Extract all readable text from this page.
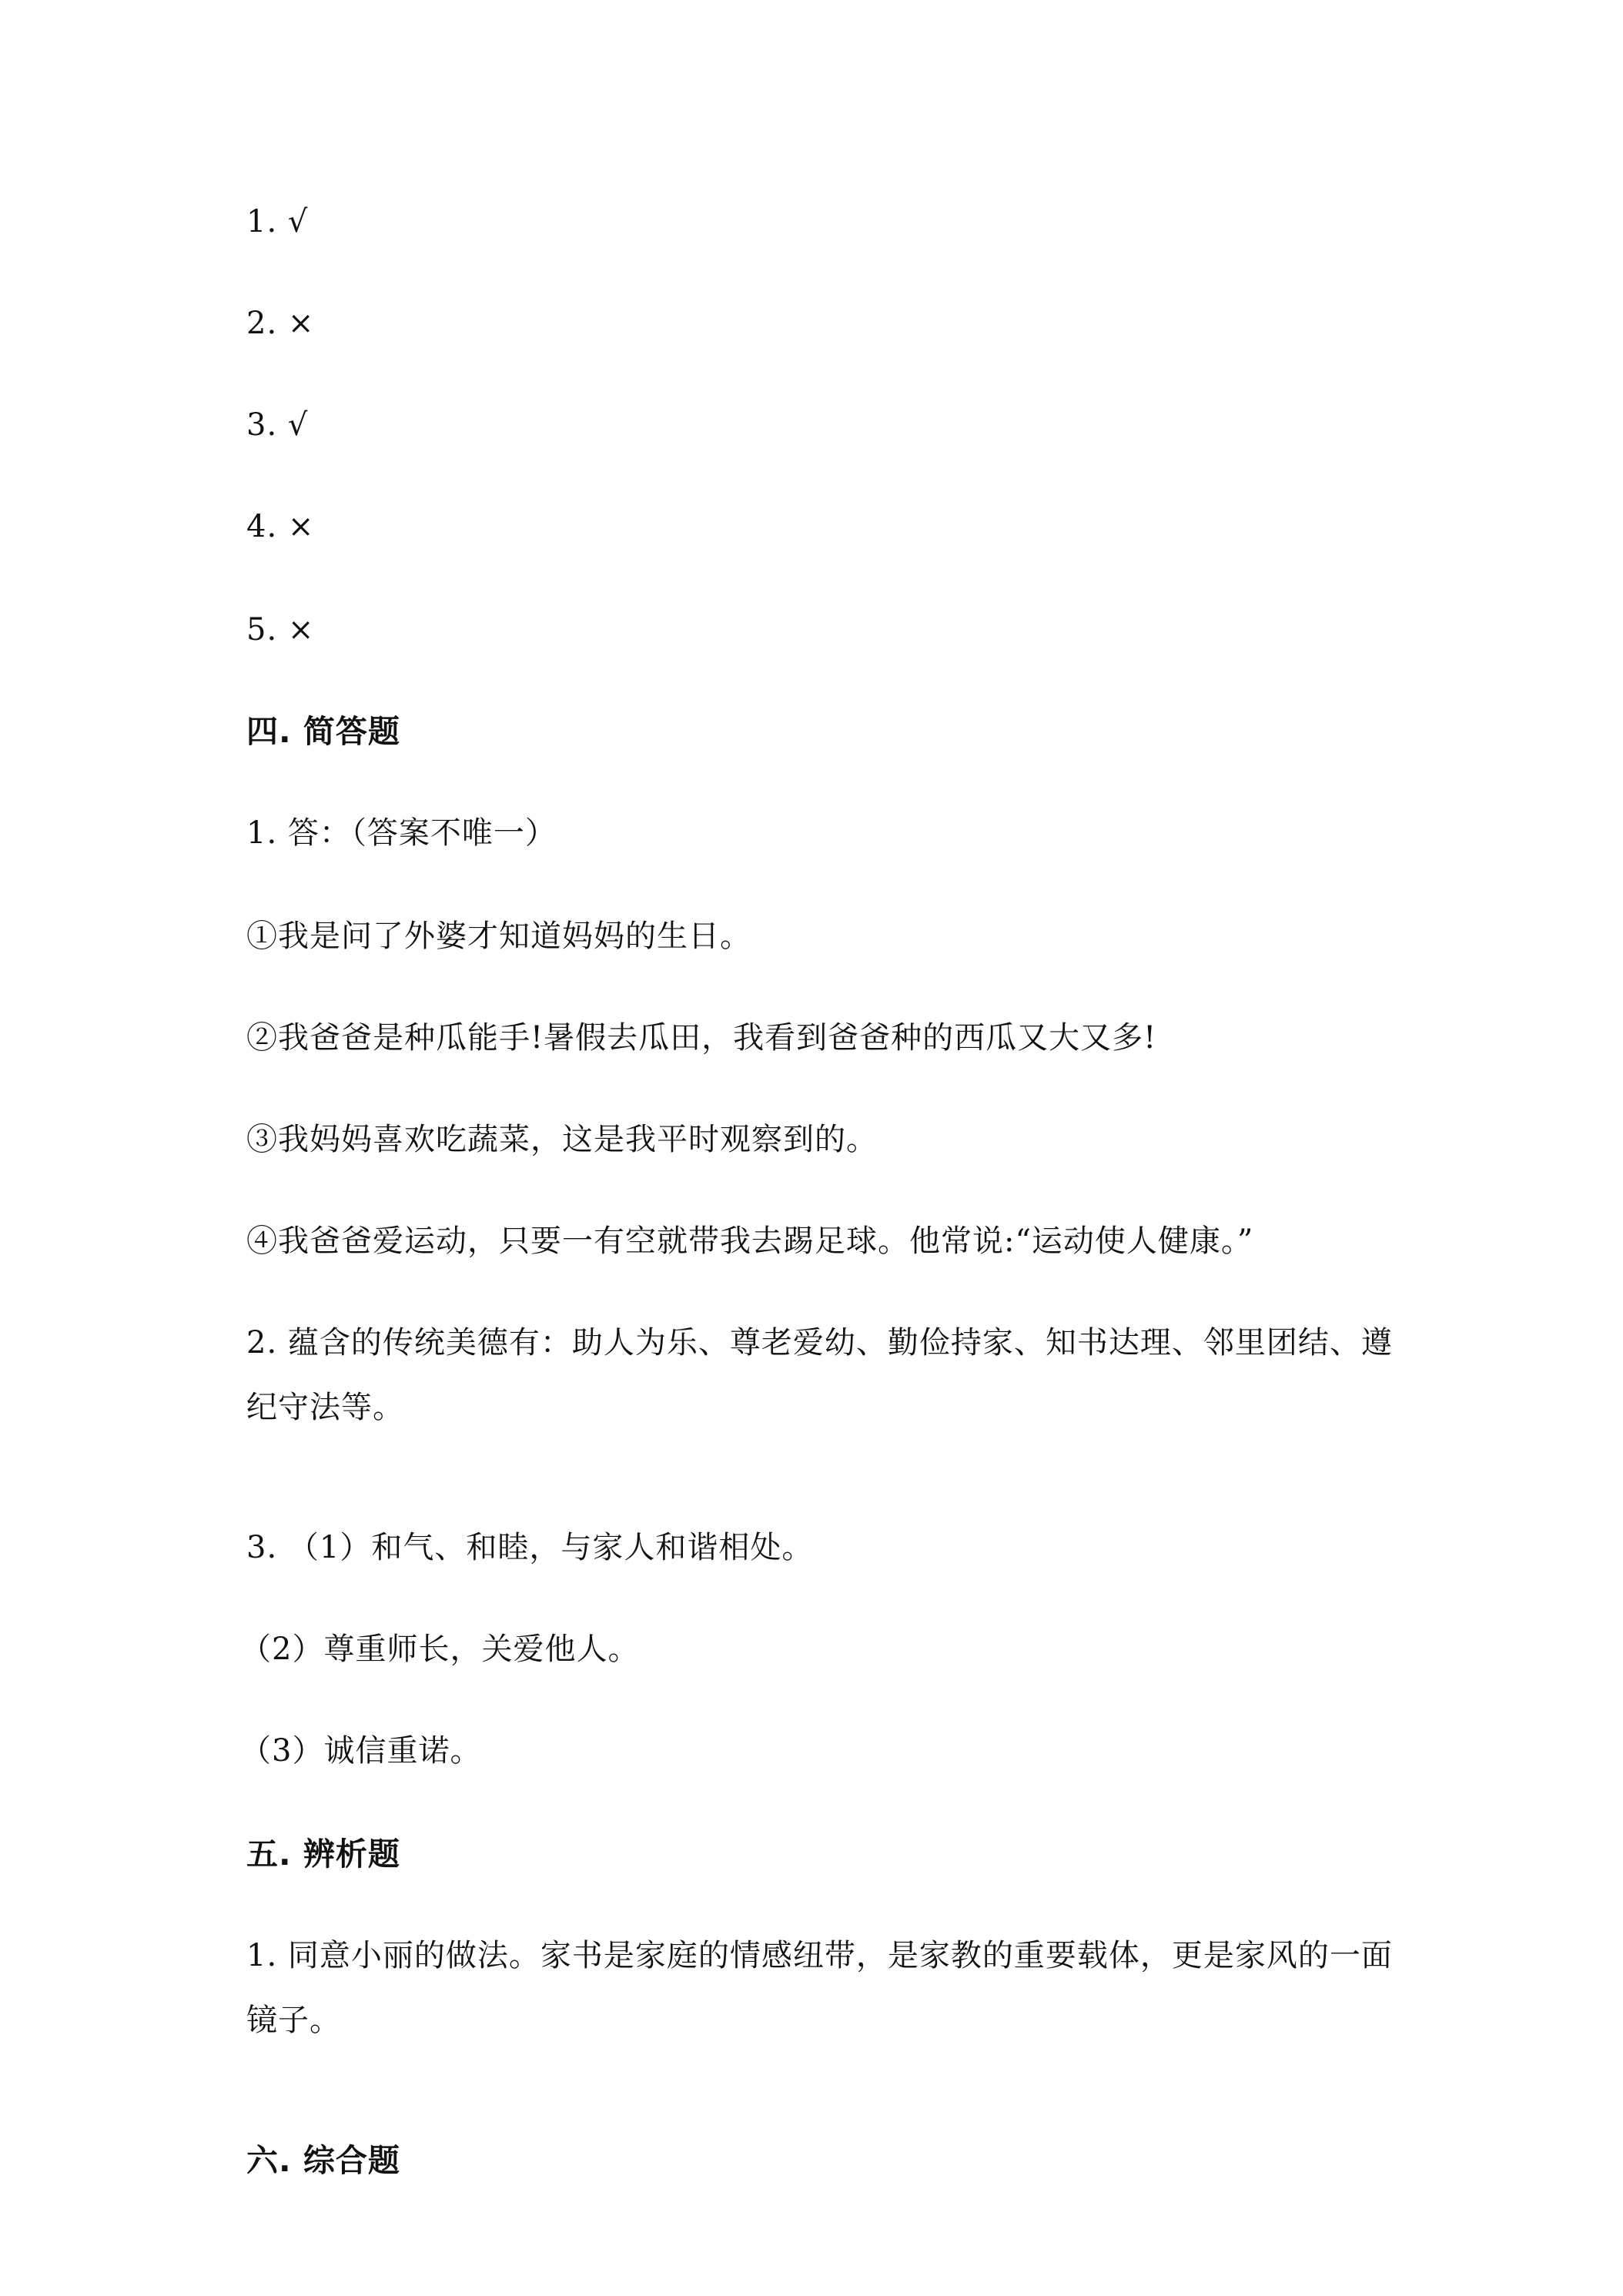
1. √
2. ×
3. √
4. ×
5. ×
四. 简答题
1. 答：（答案不唯一）
①我是问了外婆才知道妈妈的生日。
②我爸爸是种瓜能手!暑假去瓜田，我看到爸爸种的西瓜又大又多!
③我妈妈喜欢吃蔬菜，这是我平时观察到的。
④我爸爸爱运动，只要一有空就带我去踢足球。他常说:“运动使人健康。”
2. 蕴含的传统美德有：助人为乐、尊老爱幼、勤俭持家、知书达理、邻里团结、遵纪守法等。
3. （1）和气、和睦，与家人和谐相处。
（2）尊重师长，关爱他人。
（3）诚信重诺。
五. 辨析题
1. 同意小丽的做法。家书是家庭的情感纽带，是家教的重要载体，更是家风的一面镜子。
六. 综合题
